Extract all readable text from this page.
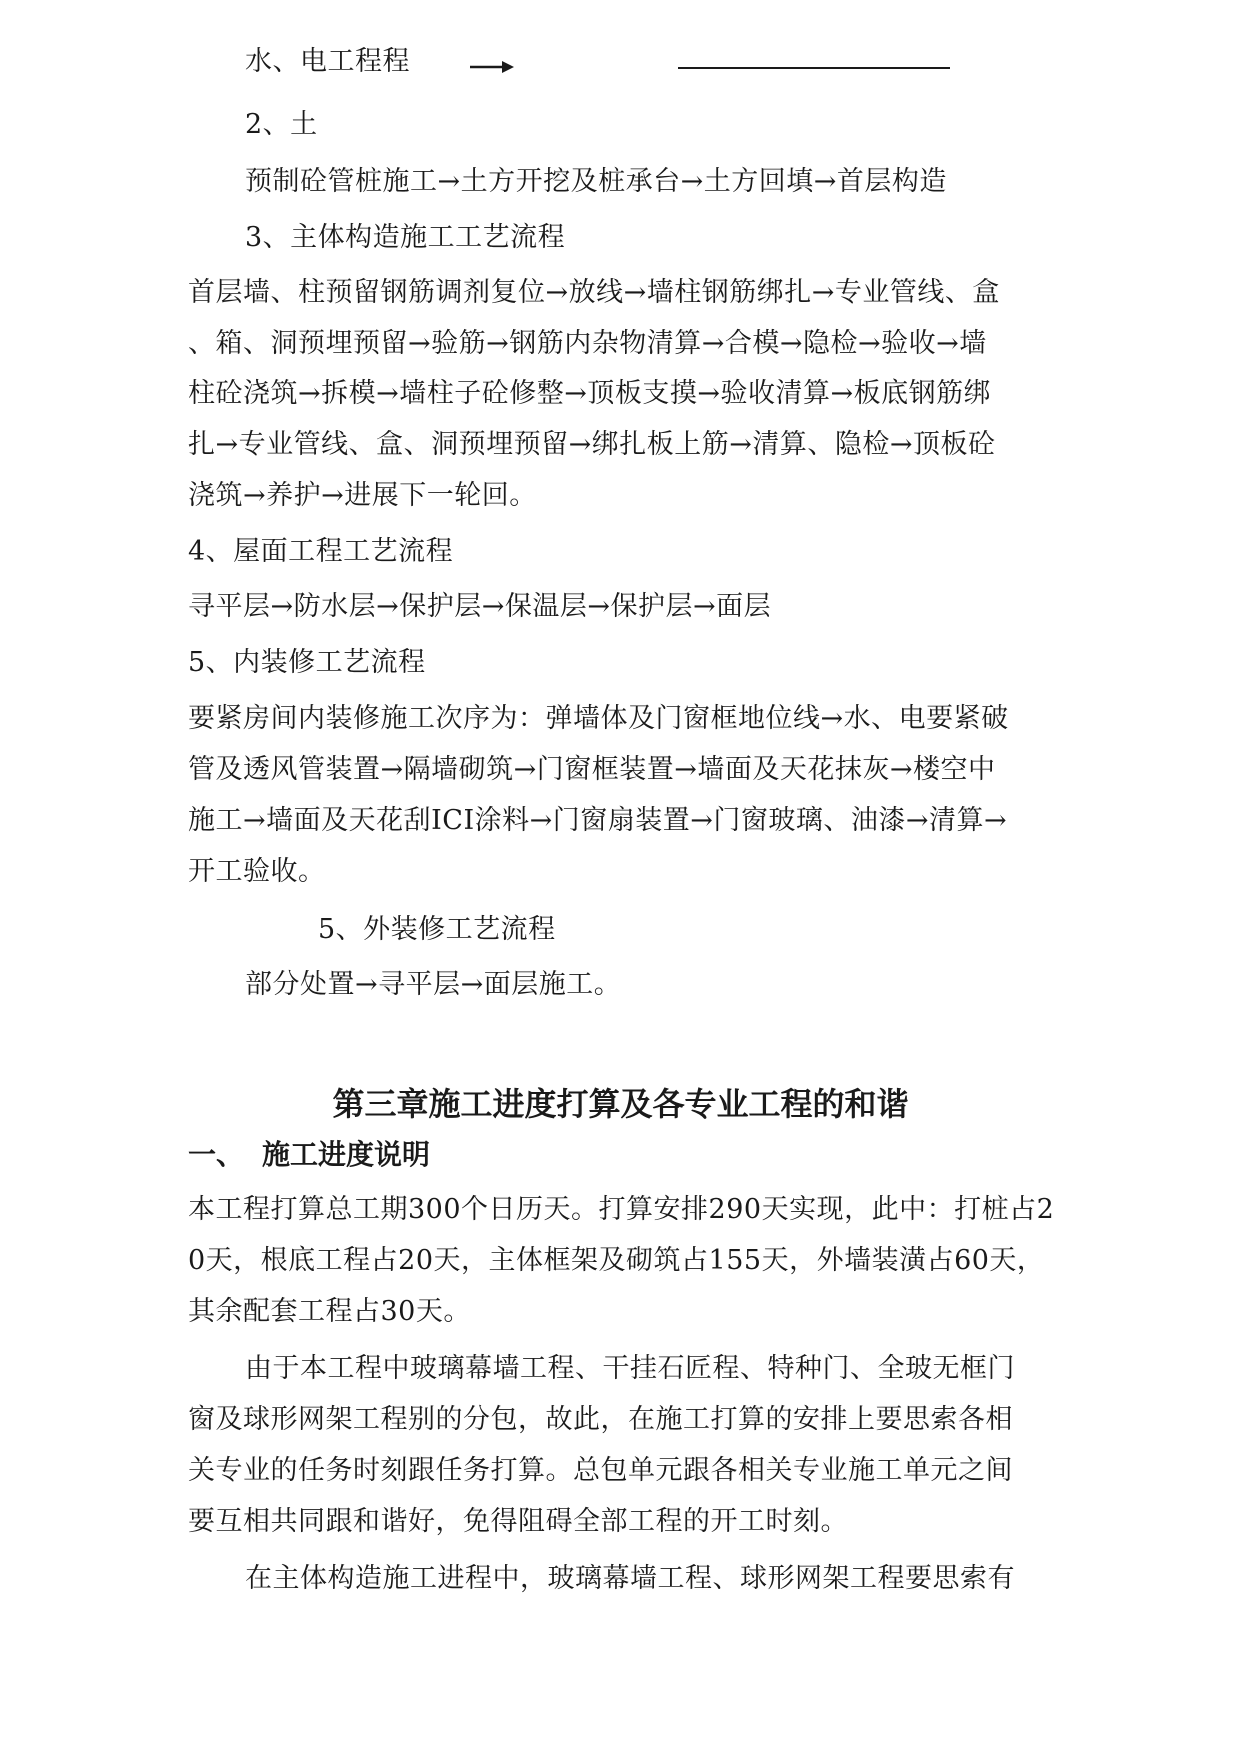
水、电工程程
2、土
预制砼管桩施工→土方开挖及桩承台→土方回填→首层构造
3、主体构造施工工艺流程
首层墙、柱预留钢筋调剂复位→放线→墙柱钢筋绑扎→专业管线、盒
、箱、洞预埋预留→验筋→钢筋内杂物清算→合模→隐检→验收→墙
柱砼浇筑→拆模→墙柱子砼修整→顶板支摸→验收清算→板底钢筋绑
扎→专业管线、盒、洞预埋预留→绑扎板上筋→清算、隐检→顶板砼
浇筑→养护→进展下一轮回。
4、屋面工程工艺流程
寻平层→防水层→保护层→保温层→保护层→面层
5、内装修工艺流程
要紧房间内装修施工次序为：弹墙体及门窗框地位线→水、电要紧破
管及透风管装置→隔墙砌筑→门窗框装置→墙面及天花抹灰→楼空中
施工→墙面及天花刮ICI涂料→门窗扇装置→门窗玻璃、油漆→清算→
开工验收。
5、外装修工艺流程
部分处置→寻平层→面层施工。
第三章施工进度打算及各专业工程的和谐
一、 施工进度说明
本工程打算总工期300个日历天。打算安排290天实现，此中：打桩占2
0天，根底工程占20天，主体框架及砌筑占155天，外墙装潢占60天，
其余配套工程占30天。
由于本工程中玻璃幕墙工程、干挂石匠程、特种门、全玻无框门
窗及球形网架工程别的分包，故此，在施工打算的安排上要思索各相
关专业的任务时刻跟任务打算。总包单元跟各相关专业施工单元之间
要互相共同跟和谐好，免得阻碍全部工程的开工时刻。
在主体构造施工进程中，玻璃幕墙工程、球形网架工程要思索有
